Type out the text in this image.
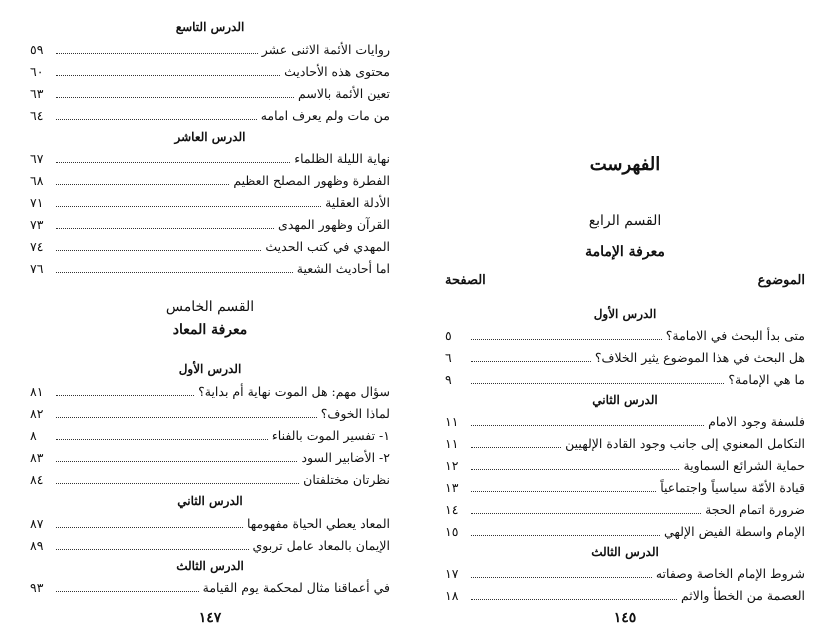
الدرس التاسع
روايات الأئمة الاثنى عشر
٥٩
محتوى هذه الأحاديث
٦٠
تعين الأئمة بالاسم
٦٣
من مات ولم يعرف امامه
٦٤
الدرس العاشر
نهاية الليلة الظلماء
٦٧
الفطرة وظهور المصلح العظيم
٦٨
الأدلة العقلية
٧١
القرآن وظهور المهدى
٧٣
المهدي في كتب الحديث
٧٤
اما أحاديث الشعية
٧٦
القسم الخامس
معرفة المعاد
الدرس الأول
سؤال مهم: هل الموت نهاية أم بداية؟
٨١
لماذا الخوف؟
٨٢
١- تفسير الموت بالفناء
٨
٢- الأضابير السود
٨٣
نظرتان مختلفتان
٨٤
الدرس الثاني
المعاد يعطي الحياة مفهومها
٨٧
الإيمان بالمعاد عامل تربوي
٨٩
الدرس الثالث
في أعماقنا مثال لمحكمة يوم القيامة
٩٣
١٤٧
الفهرست
القسم الرابع
معرفة الإمامة
الموضوع
الصفحة
الدرس الأول
متى بدأ البحث في الامامة؟
٥
هل البحث في هذا الموضوع يثير الخلاف؟
٦
ما هي الإمامة؟
٩
الدرس الثاني
فلسفة وجود الامام
١١
التكامل المعنوي إلى جانب وجود القادة الإلهيين
١١
حماية الشرائع السماوية
١٢
قيادة الأمّة سياسياً واجتماعياً
١٣
ضرورة اتمام الحجة
١٤
الإمام واسطة الفيض الإلهي
١٥
الدرس الثالث
شروط الإمام الخاصة وصفاته
١٧
العصمة من الخطأ والاثم
١٨
١٤٥
